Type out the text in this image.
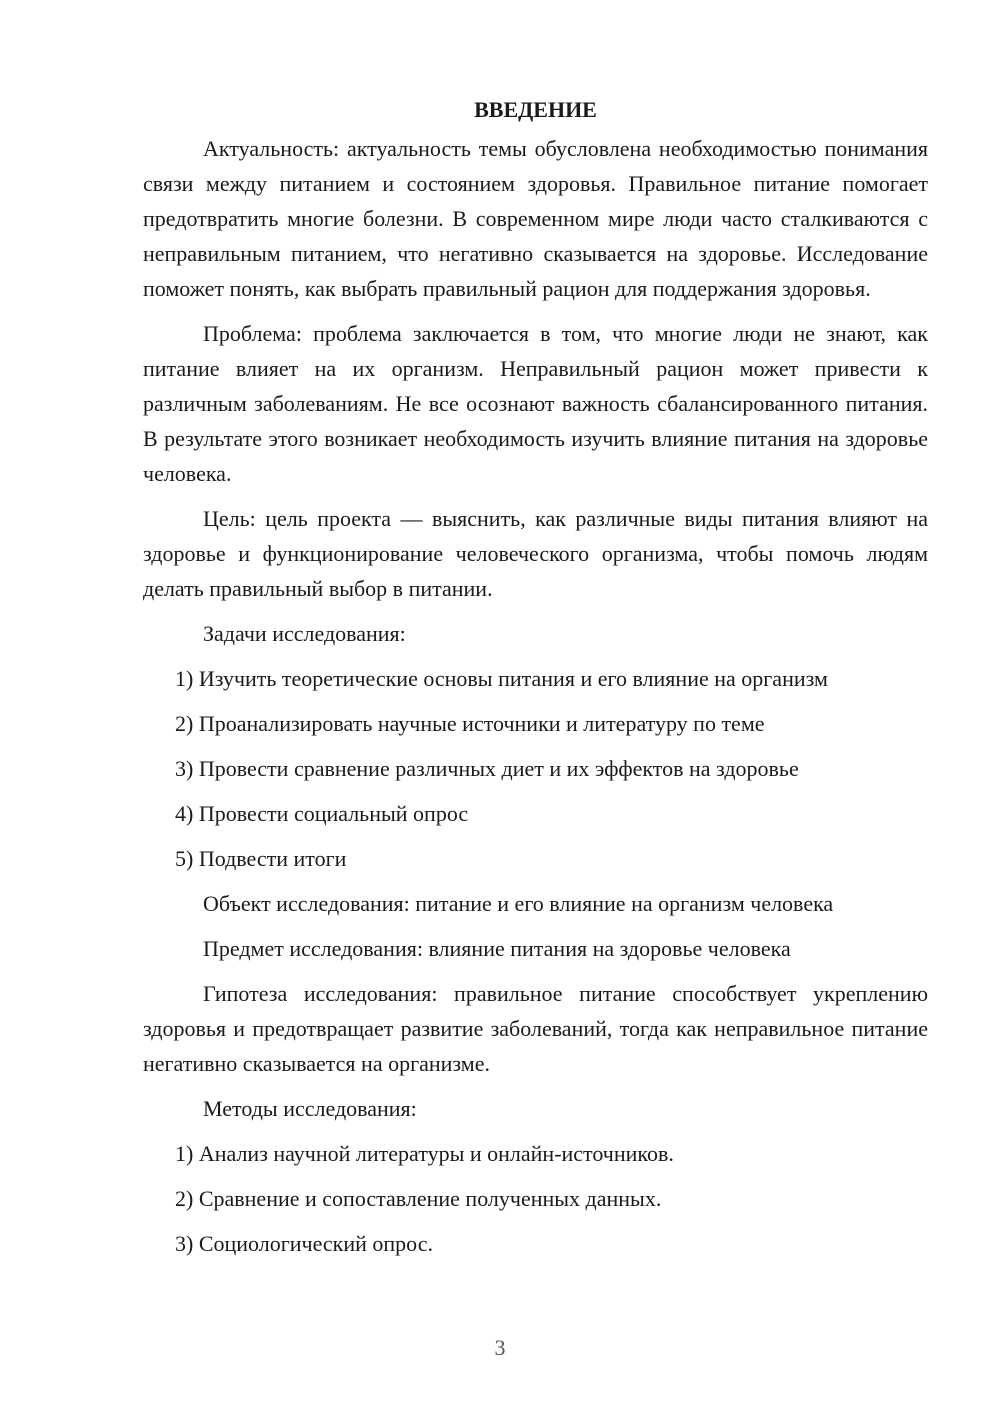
ВВЕДЕНИЕ

Актуальность: актуальность темы обусловлена необходимостью понимания связи между питанием и состоянием здоровья. Правильное питание помогает предотвратить многие болезни. В современном мире люди часто сталкиваются с неправильным питанием, что негативно сказывается на здоровье. Исследование поможет понять, как выбрать правильный рацион для поддержания здоровья.

Проблема: проблема заключается в том, что многие люди не знают, как питание влияет на их организм. Неправильный рацион может привести к различным заболеваниям. Не все осознают важность сбалансированного питания. В результате этого возникает необходимость изучить влияние питания на здоровье человека.

Цель: цель проекта — выяснить, как различные виды питания влияют на здоровье и функционирование человеческого организма, чтобы помочь людям делать правильный выбор в питании.

Задачи исследования:

1) Изучить теоретические основы питания и его влияние на организм
2) Проанализировать научные источники и литературу по теме
3) Провести сравнение различных диет и их эффектов на здоровье
4) Провести социальный опрос
5) Подвести итоги

Объект исследования: питание и его влияние на организм человека

Предмет исследования: влияние питания на здоровье человека

Гипотеза исследования: правильное питание способствует укреплению здоровья и предотвращает развитие заболеваний, тогда как неправильное питание негативно сказывается на организме.

Методы исследования:

1) Анализ научной литературы и онлайн-источников.
2) Сравнение и сопоставление полученных данных.
3) Социологический опрос.
3
